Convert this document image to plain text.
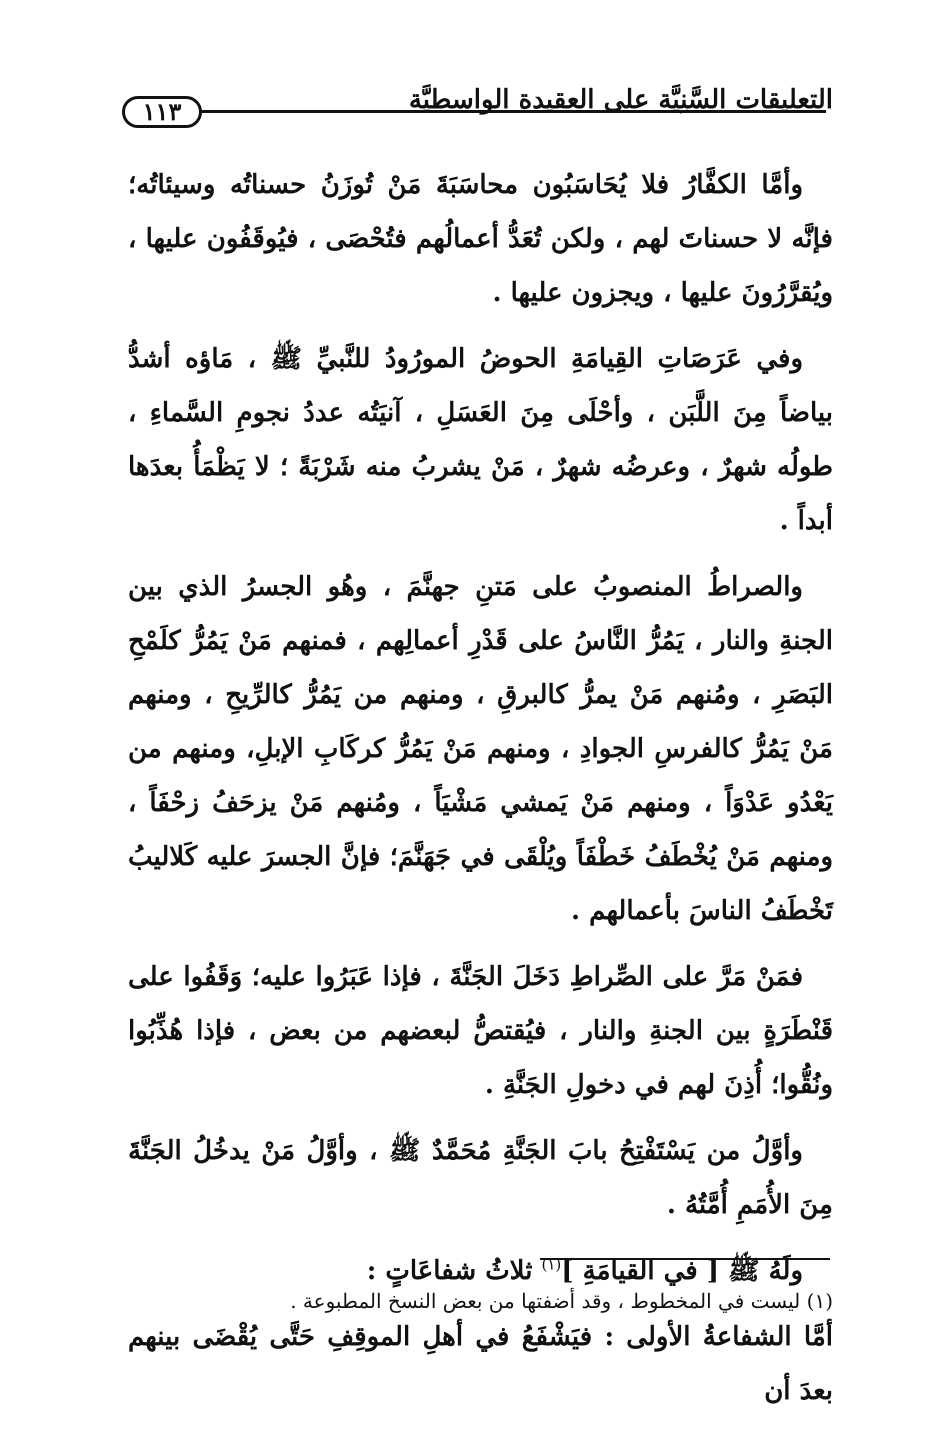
التعليقات السَّنِيَّة على العقيدة الواسطيَّة
١١٣

وأمَّا الكفَّارُ فلا يُحَاسَبُون محاسَبَةَ مَنْ تُوزَنُ حسناتُه وسيئاتُه؛ فإنَّه لا حسناتَ لهم ، ولكن تُعَدُّ أعمالُهم فتُحْصَى ، فيُوقَفُون عليها ، ويُقرَّرُونَ عليها ، ويجزون عليها .

وفي عَرَصَاتِ القِيامَةِ الحوضُ المورُودُ للنَّبيِّ ﷺ ، مَاؤه أشدُّ بياضاً مِنَ اللَّبَن ، وأحْلَى مِنَ العَسَلِ ، آنيَتُه عددُ نجومِ السَّماءِ ، طولُه شهرٌ ، وعرضُه شهرٌ ، مَنْ يشربُ منه شَرْبَةً ؛ لا يَظْمَأُ بعدَها أبداً .

والصراطُ المنصوبُ على مَتنِ جهنَّمَ ، وهُو الجسرُ الذي بين الجنةِ والنار ، يَمُرُّ النَّاسُ على قَدْرِ أعمالِهم ، فمنهم مَنْ يَمُرُّ كلَمْحِ البَصَرِ ، ومُنهم مَنْ يمرُّ كالبرقِ ، ومنهم من يَمُرُّ كالرِّيحِ ، ومنهم مَنْ يَمُرُّ كالفرسِ الجوادِ ، ومنهم مَنْ يَمُرُّ كركَابِ الإبلِ، ومنهم من يَعْدُو عَدْوَاً ، ومنهم مَنْ يَمشي مَشْيَاً ، ومُنهم مَنْ يزحَفُ زحْفَاً ، ومنهم مَنْ يُخْطَفُ خَطْفَاً ويُلْقَى في جَهَنَّمَ؛ فإنَّ الجسرَ عليه كَلاليبُ تَخْطَفُ الناسَ بأعمالهم .

فمَنْ مَرَّ على الصِّراطِ دَخَلَ الجَنَّةَ ، فإذا عَبَرُوا عليه؛ وَقَفُوا على قَنْطَرَةٍ بين الجنةِ والنار ، فيُقتصُّ لبعضهم من بعض ، فإذا هُذِّبُوا ونُقُّوا؛ أُذِنَ لهم في دخولِ الجَنَّةِ .

وأوَّلُ من يَسْتَفْتِحُ بابَ الجَنَّةِ مُحَمَّدٌ ﷺ ، وأوَّلُ مَنْ يدخُلُ الجَنَّةَ مِنَ الأُمَمِ أُمَّتُهُ .

ولَهُ ﷺ [ في القيامَةِ ]$^{(١)}$ ثلاثُ شفاعَاتٍ :

أمَّا الشفاعةُ الأولى : فيَشْفَعُ في أهلِ الموقِفِ حَتَّى يُقْضَى بينهم بعدَ أن

(١) ليست في المخطوط ، وقد أضفتها من بعض النسخ المطبوعة .
